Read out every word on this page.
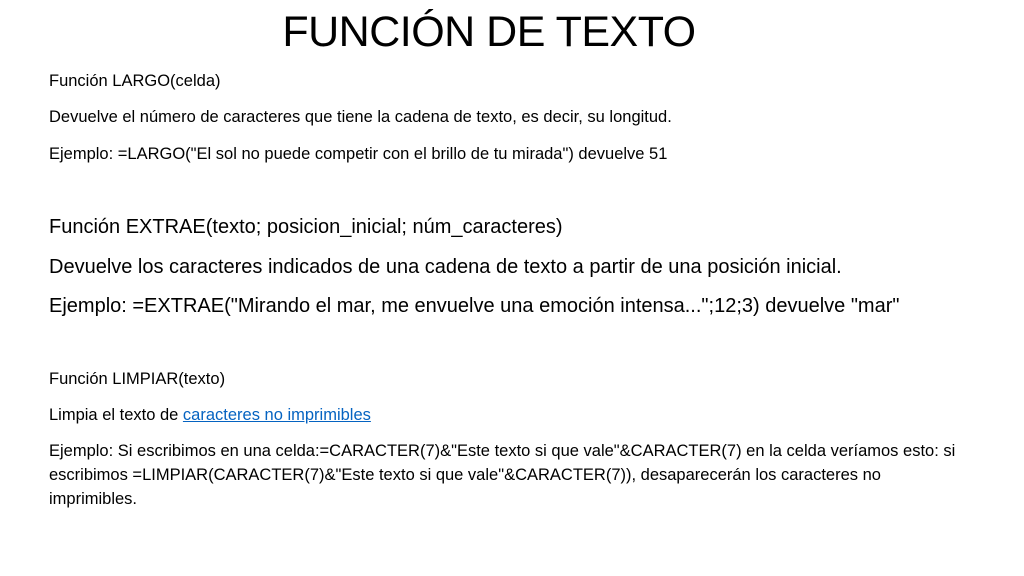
FUNCIÓN DE TEXTO
Función LARGO(celda)
Devuelve el número de caracteres que tiene la cadena de texto, es decir, su longitud.
Ejemplo: =LARGO("El sol no puede competir con el brillo de tu mirada") devuelve 51
Función EXTRAE(texto; posicion_inicial; núm_caracteres)
Devuelve los caracteres indicados de una cadena de texto a partir de una posición inicial.
Ejemplo: =EXTRAE("Mirando el mar, me envuelve una emoción intensa...";12;3) devuelve "mar"
Función LIMPIAR(texto)
Limpia el texto de caracteres no imprimibles
Ejemplo: Si escribimos en una celda:=CARACTER(7)&"Este texto si que vale"&CARACTER(7) en la celda veríamos esto: si escribimos =LIMPIAR(CARACTER(7)&"Este texto si que vale"&CARACTER(7)), desaparecerán los caracteres no imprimibles.
